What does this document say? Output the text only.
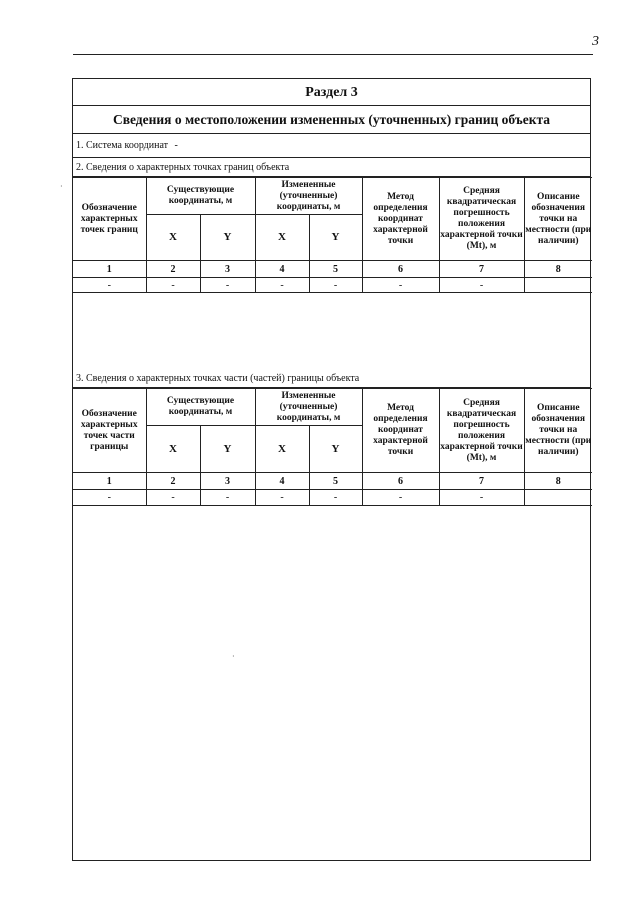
3
Раздел 3
Сведения о местоположении измененных (уточненных) границ объекта
1. Система координат -
2. Сведения о характерных точках границ объекта
Обозначение характерных точек границ	Существующие координаты, м		Измененные (уточненные) координаты, м		Метод определения координат характерной точки	Средняя квадратическая погрешность положения характерной точки (Mt), м	Описание обозначения точки на местности (при наличии)
	X	Y	X	Y			
1	2	3	4	5	6	7	8
-	-	-	-	-	-	-	
3. Сведения о характерных точках части (частей) границы объекта
Обозначение характерных точек части границы	Существующие координаты, м		Измененные (уточненные) координаты, м		Метод определения координат характерной точки	Средняя квадратическая погрешность положения характерной точки (Mt), м	Описание обозначения точки на местности (при наличии)
	X	Y	X	Y			
1	2	3	4	5	6	7	8
-	-	-	-	-	-	-	
·
·
